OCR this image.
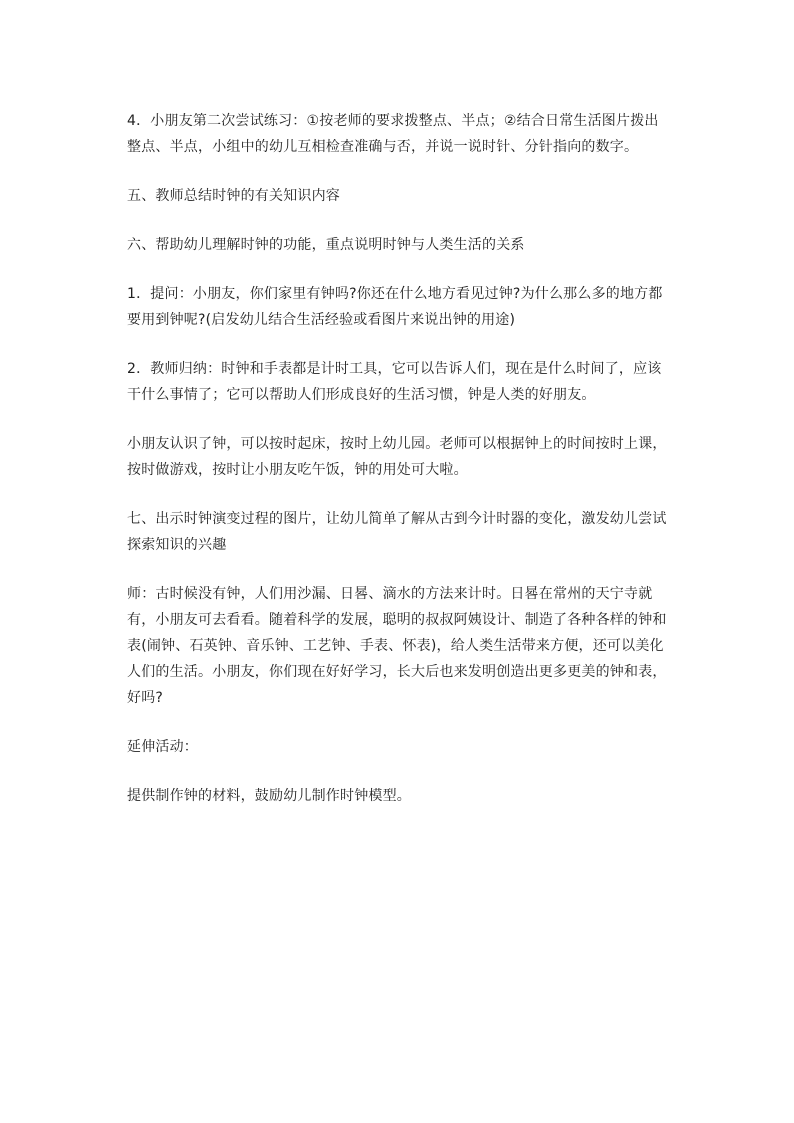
4．小朋友第二次尝试练习：①按老师的要求拨整点、半点；②结合日常生活图片拨出整点、半点，小组中的幼儿互相检查准确与否，并说一说时针、分针指向的数字。

五、教师总结时钟的有关知识内容

六、帮助幼儿理解时钟的功能，重点说明时钟与人类生活的关系

1．提问：小朋友，你们家里有钟吗?你还在什么地方看见过钟?为什么那么多的地方都要用到钟呢?(启发幼儿结合生活经验或看图片来说出钟的用途)

2．教师归纳：时钟和手表都是计时工具，它可以告诉人们，现在是什么时间了，应该干什么事情了；它可以帮助人们形成良好的生活习惯，钟是人类的好朋友。

小朋友认识了钟，可以按时起床，按时上幼儿园。老师可以根据钟上的时间按时上课，按时做游戏，按时让小朋友吃午饭，钟的用处可大啦。

七、出示时钟演变过程的图片，让幼儿简单了解从古到今计时器的变化，激发幼儿尝试探索知识的兴趣

师：古时候没有钟，人们用沙漏、日晷、滴水的方法来计时。日晷在常州的天宁寺就有，小朋友可去看看。随着科学的发展，聪明的叔叔阿姨设计、制造了各种各样的钟和表(闹钟、石英钟、音乐钟、工艺钟、手表、怀表)，给人类生活带来方便，还可以美化人们的生活。小朋友，你们现在好好学习，长大后也来发明创造出更多更美的钟和表，好吗?

延伸活动：

提供制作钟的材料，鼓励幼儿制作时钟模型。
